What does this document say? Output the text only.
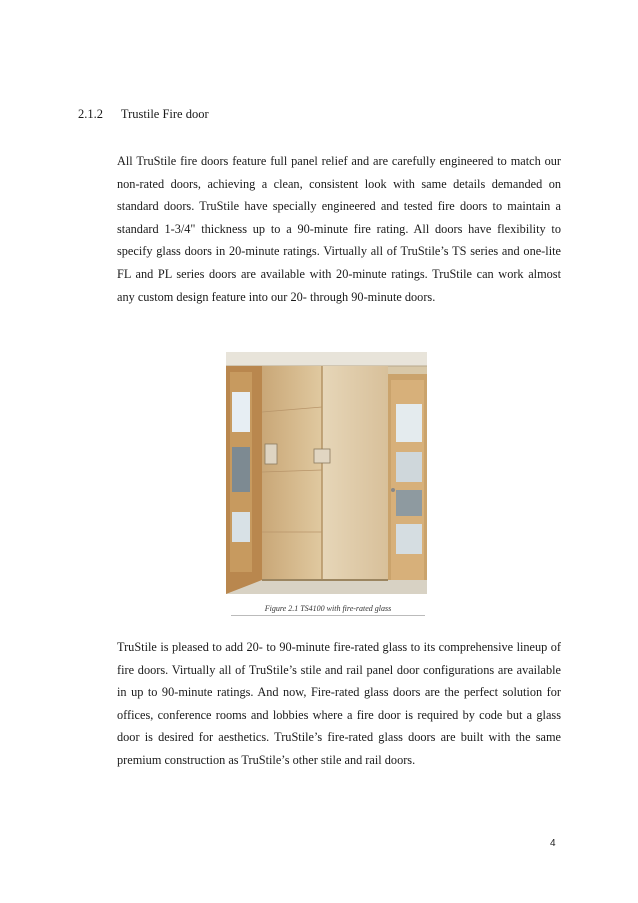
2.1.2 Trustile Fire door

All TruStile fire doors feature full panel relief and are carefully engineered to match our non-rated doors, achieving a clean, consistent look with same details demanded on standard doors. TruStile have specially engineered and tested fire doors to maintain a standard 1-3/4" thickness up to a 90-minute fire rating. All doors have flexibility to specify glass doors in 20-minute ratings. Virtually all of TruStile’s TS series and one-lite FL and PL series doors are available with 20-minute ratings. TruStile can work almost any custom design feature into our 20- through 90-minute doors.

Figure 2.1 TS4100 with fire-rated glass

TruStile is pleased to add 20- to 90-minute fire-rated glass to its comprehensive lineup of fire doors. Virtually all of TruStile’s stile and rail panel door configurations are available in up to 90-minute ratings. And now, Fire-rated glass doors are the perfect solution for offices, conference rooms and lobbies where a fire door is required by code but a glass door is desired for aesthetics. TruStile’s fire-rated glass doors are built with the same premium construction as TruStile’s other stile and rail doors.

4
